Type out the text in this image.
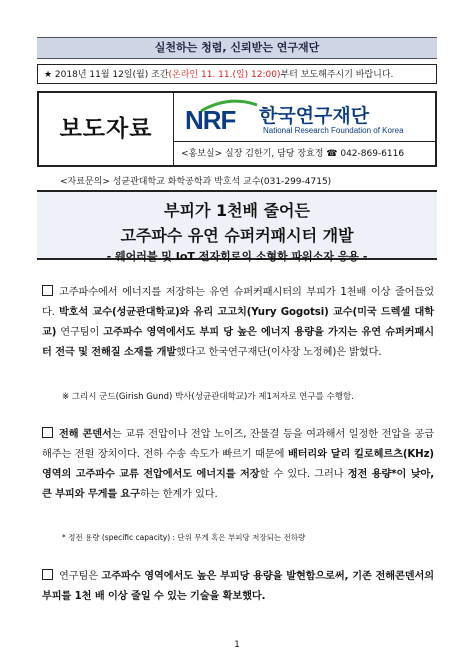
실천하는 청렴, 신뢰받는 연구재단
★ 2018년 11월 12일(월) 조간(온라인 11. 11.(일) 12:00)부터 보도해주시기 바랍니다.
보도자료	NRF 한국연구재단
National Research Foundation of Korea
<홍보실> 실장 김한기, 담당 장효정 ☎ 042-869-6116
<자료문의> 성균관대학교 화학공학과 박호석 교수(031-299-4715)
부피가 1천배 줄어든
고주파수 유연 슈퍼커패시터 개발
- 웨어러블 및 IoT 전자회로의 소형화 파워소자 응용 -
고주파수에서 에너지를 저장하는 유연 슈퍼커패시터의 부피가 1천배 이상 줄어들었다. 박호석 교수(성균관대학교)와 유리 고고치(Yury Gogotsi) 교수(미국 드렉셀 대학교) 연구팀이 고주파수 영역에서도 부피 당 높은 에너지 용량을 가지는 유연 슈퍼커패시터 전극 및 전해질 소재를 개발했다고 한국연구재단(이사장 노정혜)은 밝혔다.
※ 그리시 군드(Girish Gund) 박사(성균관대학교)가 제1저자로 연구를 수행함.
전해 콘덴서는 교류 전압이나 전압 노이즈, 잔물결 등을 여과해서 일정한 전압을 공급해주는 전원 장치이다. 전하 수송 속도가 빠르기 때문에 배터리와 달리 킬로헤르츠(KHz) 영역의 고주파수 교류 전압에서도 에너지를 저장할 수 있다. 그러나 정전 용량*이 낮아, 큰 부피와 무게를 요구하는 한계가 있다.
* 정전 용량 (specific capacity) : 단위 무게 혹은 부피당 저장되는 전하량
연구팀은 고주파수 영역에서도 높은 부피당 용량을 발현함으로써, 기존 전해콘덴서의 부피를 1천 배 이상 줄일 수 있는 기술을 확보했다.
1
